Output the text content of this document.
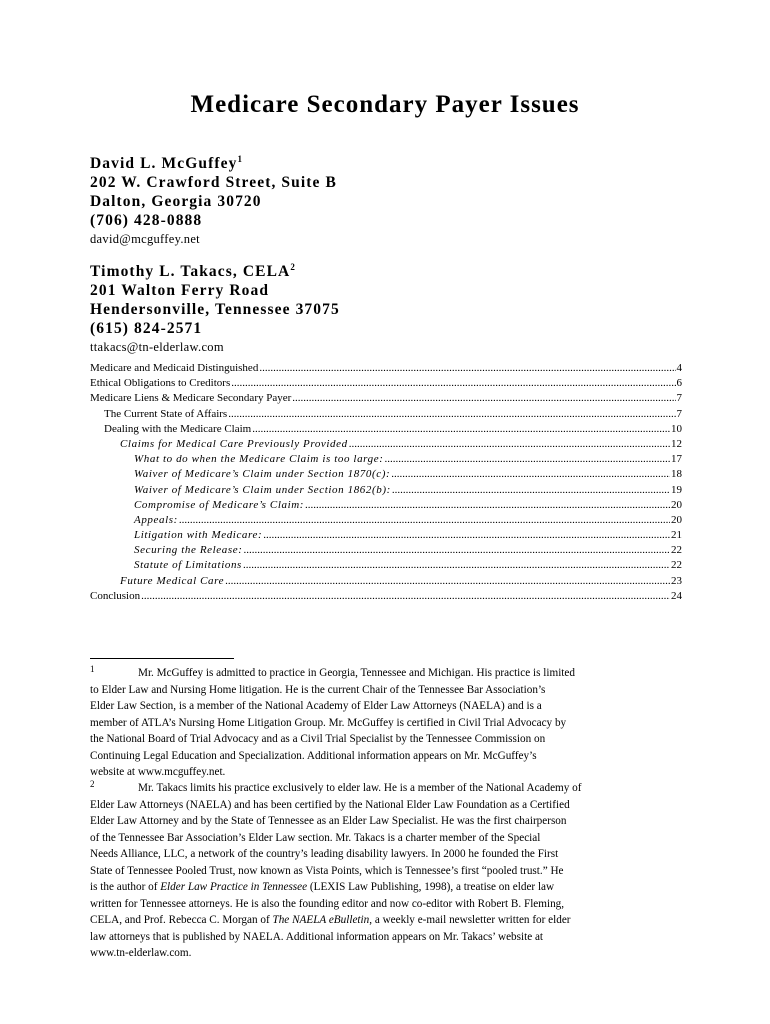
Medicare Secondary Payer Issues
David L. McGuffey$^1$
202 W. Crawford Street, Suite B
Dalton, Georgia 30720
(706) 428-0888
david@mcguffey.net
Timothy L. Takacs, CELA$^2$
201 Walton Ferry Road
Hendersonville, Tennessee 37075
(615) 824-2571
ttakacs@tn-elderlaw.com
Medicare and Medicaid Distinguished .....	4
Ethical Obligations to Creditors .....	6
Medicare Liens & Medicare Secondary Payer .....	7
The Current State of Affairs .....	7
Dealing with the Medicare Claim .....	10
Claims for Medical Care Previously Provided .....	12
What to do when the Medicare Claim is too large: .....	17
Waiver of Medicare’s Claim under Section 1870(c): .....	18
Waiver of Medicare’s Claim under Section 1862(b): .....	19
Compromise of Medicare’s Claim: .....	20
Appeals: .....	20
Litigation with Medicare: .....	21
Securing the Release: .....	22
Statute of Limitations .....	22
Future Medical Care .....	23
Conclusion .....	24
1	Mr. McGuffey is admitted to practice in Georgia, Tennessee and Michigan. His practice is limited
to Elder Law and Nursing Home litigation. He is the current Chair of the Tennessee Bar Association’s
Elder Law Section, is a member of the National Academy of Elder Law Attorneys (NAELA) and is a
member of ATLA’s Nursing Home Litigation Group. Mr. McGuffey is certified in Civil Trial Advocacy by
the National Board of Trial Advocacy and as a Civil Trial Specialist by the Tennessee Commission on
Continuing Legal Education and Specialization. Additional information appears on Mr. McGuffey’s
website at www.mcguffey.net.
2	Mr. Takacs limits his practice exclusively to elder law. He is a member of the National Academy of
Elder Law Attorneys (NAELA) and has been certified by the National Elder Law Foundation as a Certified
Elder Law Attorney and by the State of Tennessee as an Elder Law Specialist. He was the first chairperson
of the Tennessee Bar Association’s Elder Law section. Mr. Takacs is a charter member of the Special
Needs Alliance, LLC, a network of the country’s leading disability lawyers. In 2000 he founded the First
State of Tennessee Pooled Trust, now known as Vista Points, which is Tennessee’s first “pooled trust.” He
is the author of Elder Law Practice in Tennessee (LEXIS Law Publishing, 1998), a treatise on elder law
written for Tennessee attorneys. He is also the founding editor and now co-editor with Robert B. Fleming,
CELA, and Prof. Rebecca C. Morgan of The NAELA eBulletin, a weekly e-mail newsletter written for elder
law attorneys that is published by NAELA. Additional information appears on Mr. Takacs’ website at
www.tn-elderlaw.com.
